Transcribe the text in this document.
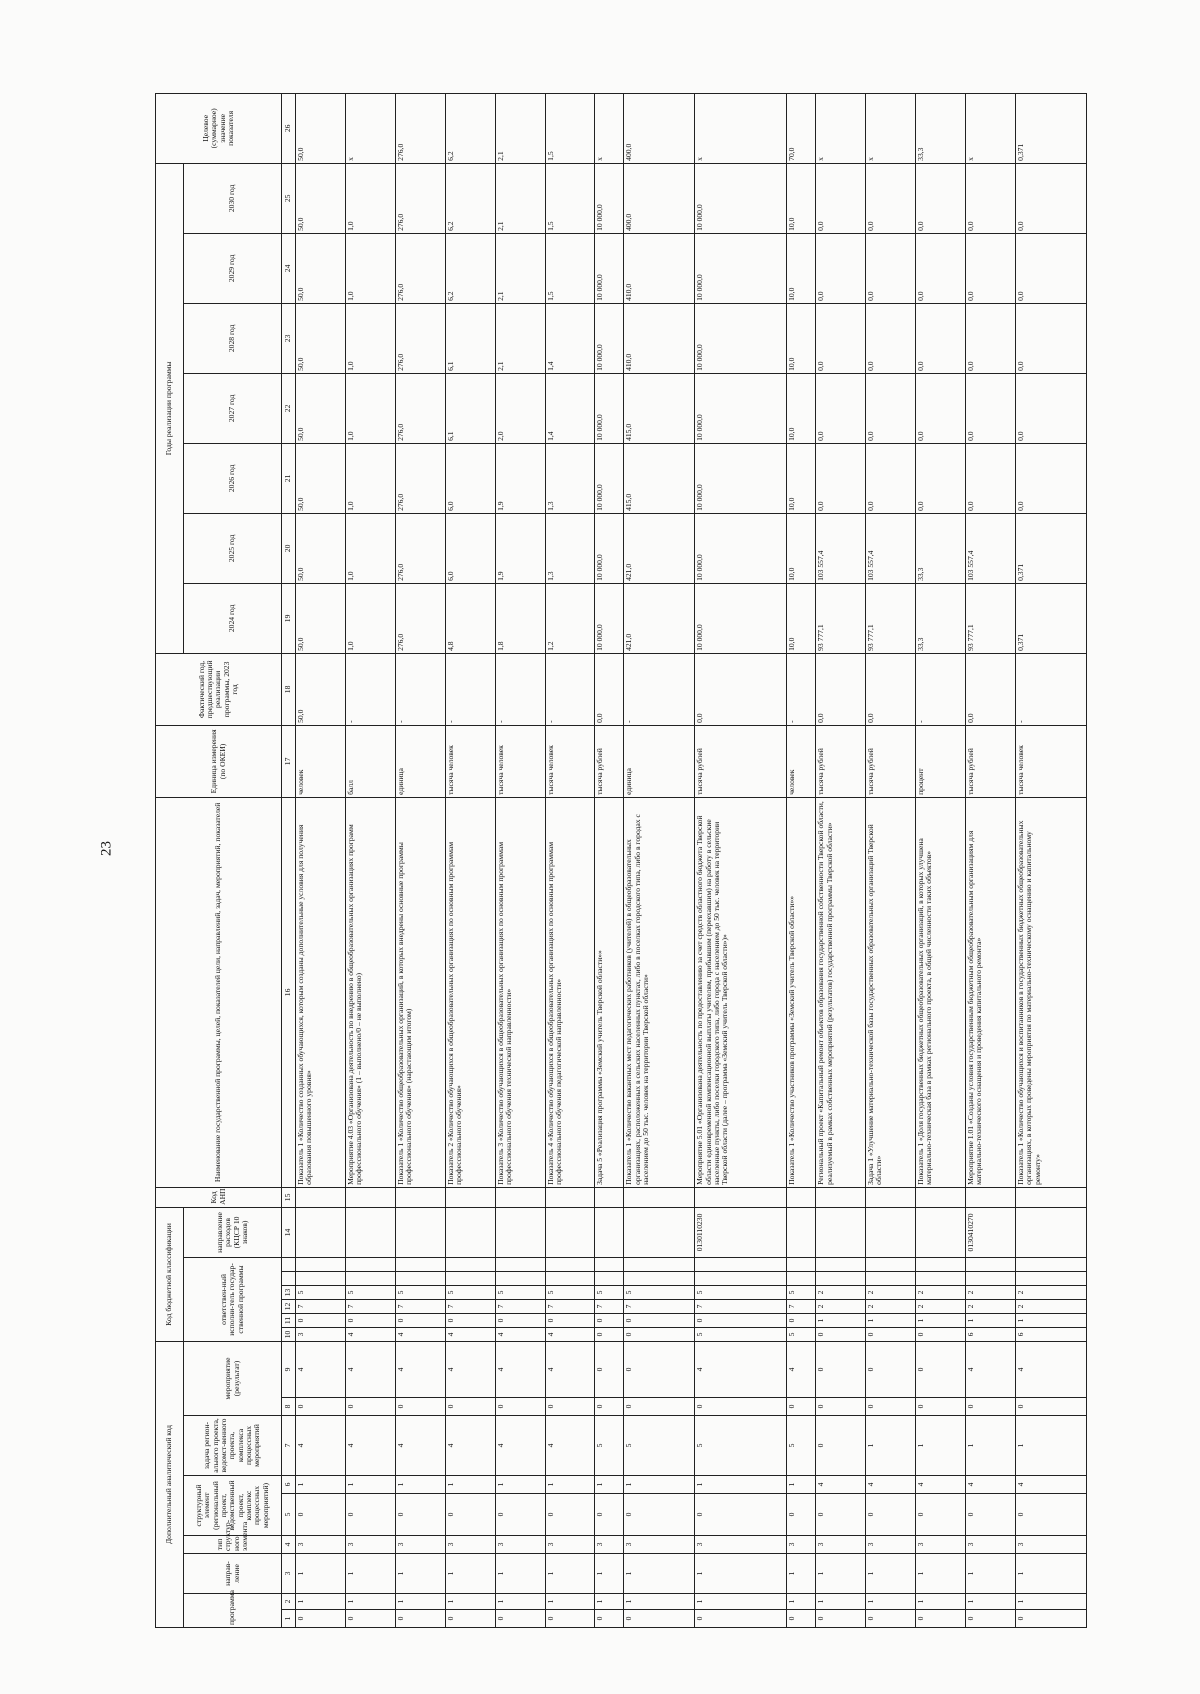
23
Дополнительный аналитический код									Код бюджетной классификации							Код АНП	Наименование государственной программы, целей, показателей цели, направлений, задач, мероприятий, показателей	Единица измерения (по ОКЕИ)	Фактический год, предшествующий реализации программы, 2023 год	Годы реализации программы							Целевое (суммарное) значение показателя
программа		направ-ление	тип структур-ного элемента	структурный элемент (региональный проект, ведомственный проект, комплекс процессных мероприятий)		задача регион-ального проекта, ведомст-венного проекта, комплекса процессных мероприятий	мероприятие (результат)		ответствен-ный исполни-тель государ-ственной программы						направление расходов (КЦСР 10 знаков)					2024 год	2025 год	2026 год	2027 год	2028 год	2029 год	2030 год	

1	2	3	4	5	6	7	8	9	10	11	12	13			14	15	16	17	18	19	20	21	22	23	24	25	26
0	1	1	3	0	1	4	0	4	3	0	7	5					Показатель 1 «Количество созданных обучающихся, которым созданы дополнительные условия для получения образования повышенного уровня»	человек	50,0	50,0	50,0	50,0	50,0	50,0	50,0	50,0	50,0
0	1	1	3	0	1	4	0	4	4	0	7	5					Мероприятие 4.03 «Организована деятельность по внедрению в общеобразовательных организациях программ профессионального обучения» (1 – выполнено/0 – не выполнено)	балл	-	1,0	1,0	1,0	1,0	1,0	1,0	1,0	x
0	1	1	3	0	1	4	0	4	4	0	7	5					Показатель 1 «Количество общеобразовательных организаций, в которых внедрены основные программы профессионального обучения» (нарастающим итогом)	единица	-	276,0	276,0	276,0	276,0	276,0	276,0	276,0	276,0
0	1	1	3	0	1	4	0	4	4	0	7	5					Показатель 2 «Количество обучающихся в общеобразовательных организациях по основным программам профессионального обучения»	тысяча человек	-	4,8	6,0	6,0	6,1	6,1	6,2	6,2	6,2
0	1	1	3	0	1	4	0	4	4	0	7	5					Показатель 3 «Количество обучающихся в общеобразовательных организациях по основным программам профессионального обучения технической направленности»	тысяча человек	-	1,8	1,9	1,9	2,0	2,1	2,1	2,1	2,1
0	1	1	3	0	1	4	0	4	4	0	7	5					Показатель 4 «Количество обучающихся в общеобразовательных организациях по основным программам профессионального обучения педагогической направленности»	тысяча человек	-	1,2	1,3	1,3	1,4	1,4	1,5	1,5	1,5
0	1	1	3	0	1	5	0	0	0	0	7	5					Задача 5 «Реализация программы «Земский учитель Тверской области»»	тысяча рублей	0,0	10 000,0	10 000,0	10 000,0	10 000,0	10 000,0	10 000,0	10 000,0	x
0	1	1	3	0	1	5	0	0	0	0	7	5					Показатель 1 «Количество вакантных мест педагогических работников (учителей) в общеобразовательных организациях, расположенных в сельских населенных пунктах, либо в поселках городского типа, либо в городах с населением до 50 тыс. человек на территории Тверской области»	единица	-	421,0	421,0	415,0	415,0	410,0	410,0	400,0	400,0
0	1	1	3	0	1	5	0	4	5	0	7	5			0130110230		Мероприятие 5.01 «Организована деятельность по предоставлению за счет средств областного бюджета Тверской области единовременной компенсационной выплаты учителям, прибывшим (переехавшим) на работу в сельские населенные пункты, либо поселки городского типа, либо города с населением до 50 тыс. человек на территории Тверской области (далее – программа «Земский учитель Тверской области»)»	тысяча рублей	0,0	10 000,0	10 000,0	10 000,0	10 000,0	10 000,0	10 000,0	10 000,0	x
0	1	1	3	0	1	5	0	4	5	0	7	5					Показатель 1 «Количество участников программы «Земский учитель Тверской области»»	человек	-	10,0	10,0	10,0	10,0	10,0	10,0	10,0	70,0
0	1	1	3	0	4	0	0	0	0	1	2	2					Региональный проект «Капитальный ремонт объектов образования государственной собственности Тверской области, реализуемый в рамках собственных мероприятий (результатов) государственной программы Тверской области»	тысяча рублей	0,0	93 777,1	103 557,4	0,0	0,0	0,0	0,0	0,0	x
0	1	1	3	0	4	1	0	0	0	1	2	2					Задача 1 «Улучшение материально-технической базы государственных образовательных организаций Тверской области»	тысяча рублей	0,0	93 777,1	103 557,4	0,0	0,0	0,0	0,0	0,0	x
0	1	1	3	0	4	1	0	0	0	1	2	2					Показатель 1 «Доля государственных бюджетных общеобразовательных организаций, в которых улучшена материально-техническая база в рамках регионального проекта, в общей численности таких объектов»	процент	-	33,3	33,3	0,0	0,0	0,0	0,0	0,0	33,3
0	1	1	3	0	4	1	0	4	6	1	2	2			0130410270		Мероприятие 1.01 «Созданы условия государственным бюджетным общеобразовательным организациям для материально-технического оснащения и проведения капитального ремонта»	тысяча рублей	0,0	93 777,1	103 557,4	0,0	0,0	0,0	0,0	0,0	x
0	1	1	3	0	4	1	0	4	6	1	2	2					Показатель 1 «Количество обучающихся и воспитанников в государственных бюджетных общеобразовательных организациях, в которых проведены мероприятия по материально-техническому оснащению и капитальному ремонту»	тысяча человек	-	0,371	0,371	0,0	0,0	0,0	0,0	0,0	0,371
